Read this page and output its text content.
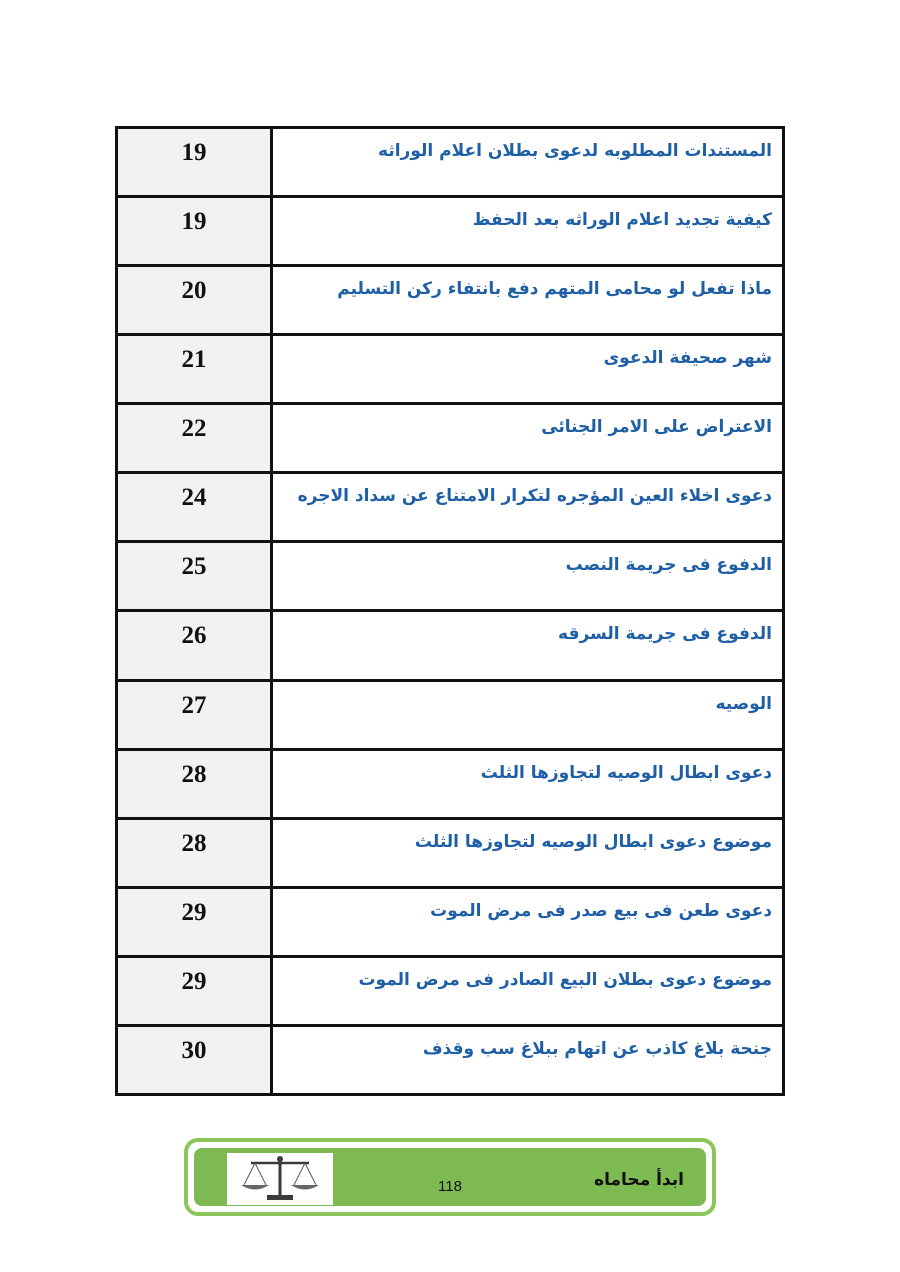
19	المستندات المطلوبه لدعوى بطلان اعلام الوراثه
19	كيفية تجديد اعلام الوراثه بعد الحفظ
20	ماذا تفعل لو محامى المتهم دفع بانتفاء ركن التسليم
21	شهر صحيفة الدعوى
22	الاعتراض على الامر الجنائى
24	دعوى اخلاء العين المؤجره لتكرار الامتناع عن سداد الاجره
25	الدفوع فى جريمة النصب
26	الدفوع فى جريمة السرقه
27	الوصيه
28	دعوى ابطال الوصيه لتجاوزها الثلث
28	موضوع دعوى ابطال الوصيه لتجاوزها الثلث
29	دعوى طعن فى بيع صدر فى مرض الموت
29	موضوع دعوى بطلان البيع الصادر فى مرض الموت
30	جنحة بلاغ كاذب عن اتهام ببلاغ سب وقذف
118	ابدأ محاماه
